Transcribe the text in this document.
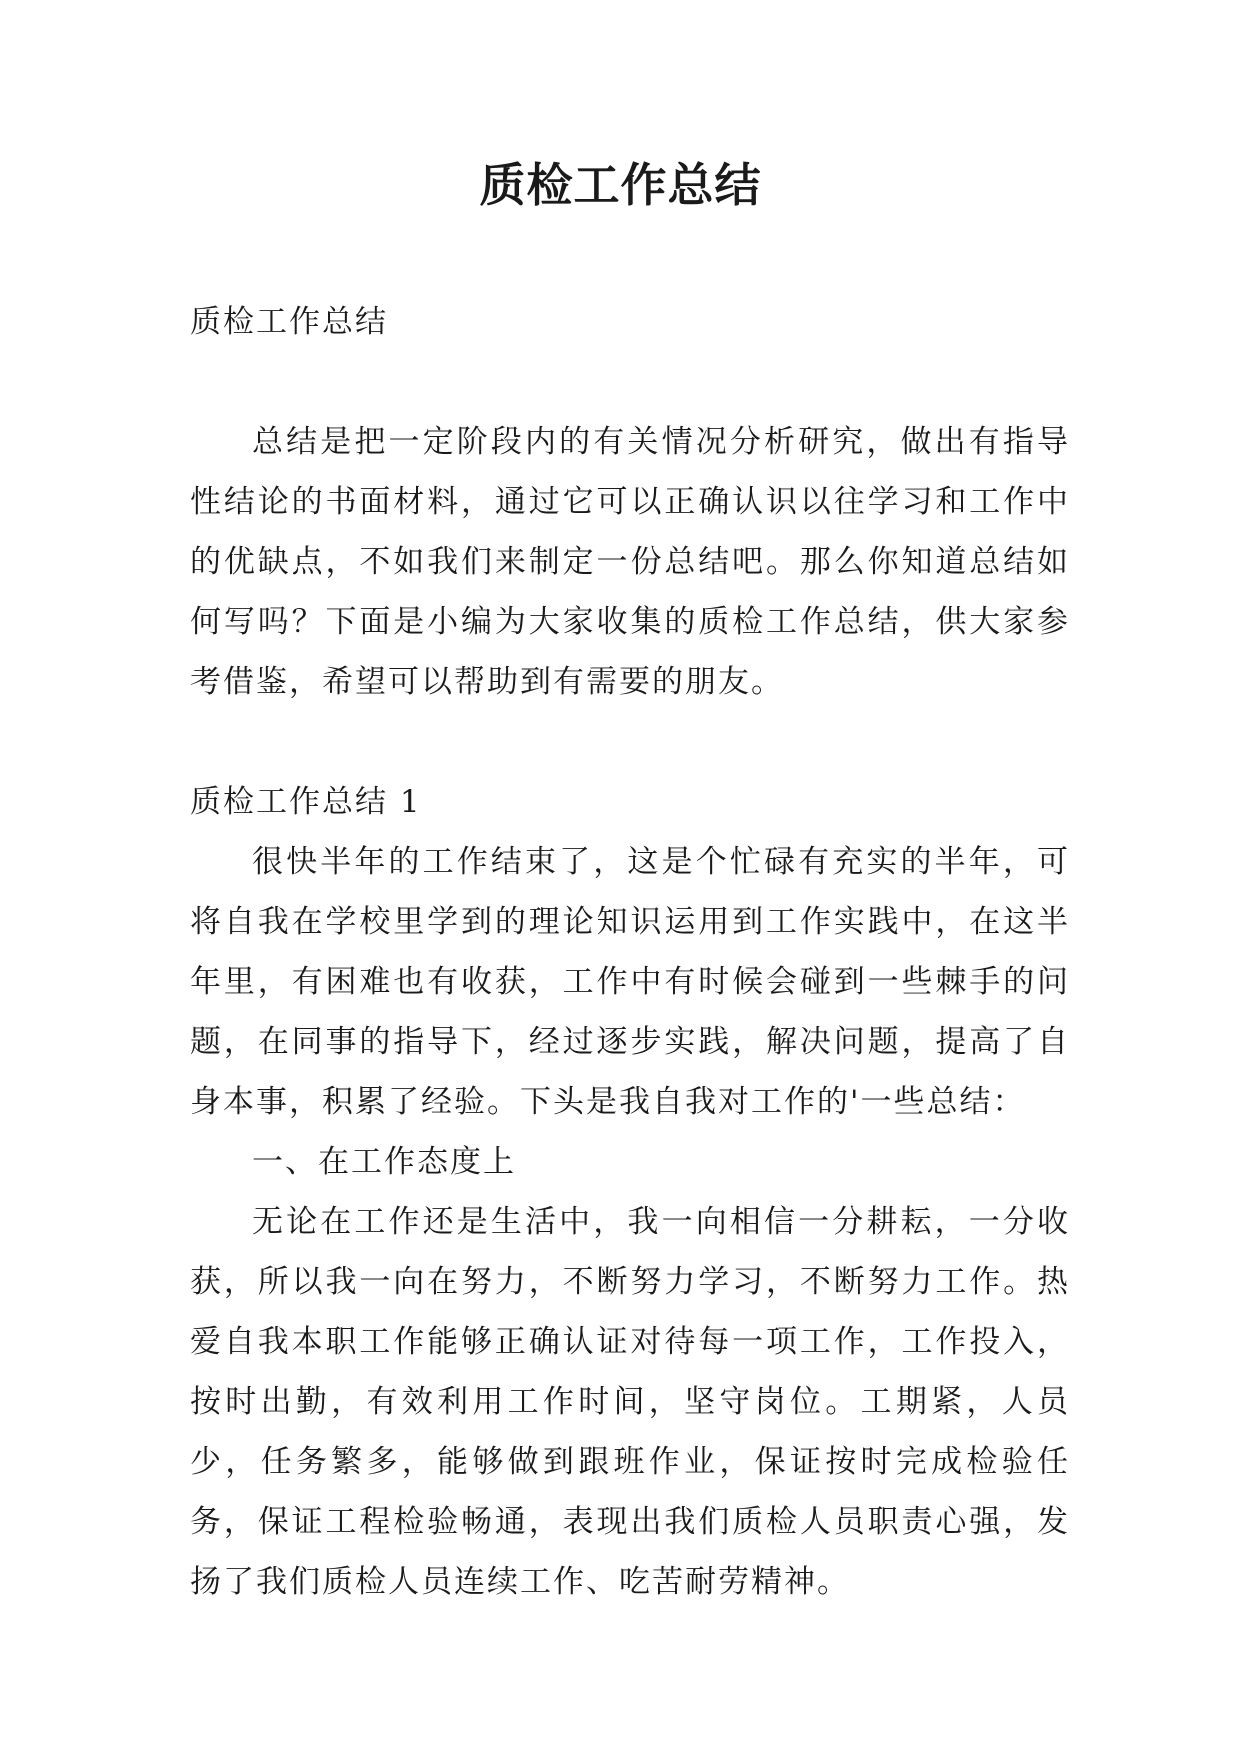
质检工作总结

质检工作总结

总结是把一定阶段内的有关情况分析研究，做出有指导性结论的书面材料，通过它可以正确认识以往学习和工作中的优缺点，不如我们来制定一份总结吧。那么你知道总结如何写吗？下面是小编为大家收集的质检工作总结，供大家参考借鉴，希望可以帮助到有需要的朋友。

质检工作总结 1

很快半年的工作结束了，这是个忙碌有充实的半年，可将自我在学校里学到的理论知识运用到工作实践中，在这半年里，有困难也有收获，工作中有时候会碰到一些棘手的问题，在同事的指导下，经过逐步实践，解决问题，提高了自身本事，积累了经验。下头是我自我对工作的'一些总结：

一、在工作态度上

无论在工作还是生活中，我一向相信一分耕耘，一分收获，所以我一向在努力，不断努力学习，不断努力工作。热爱自我本职工作能够正确认证对待每一项工作，工作投入，按时出勤，有效利用工作时间，坚守岗位。工期紧，人员少，任务繁多，能够做到跟班作业，保证按时完成检验任务，保证工程检验畅通，表现出我们质检人员职责心强，发扬了我们质检人员连续工作、吃苦耐劳精神。
